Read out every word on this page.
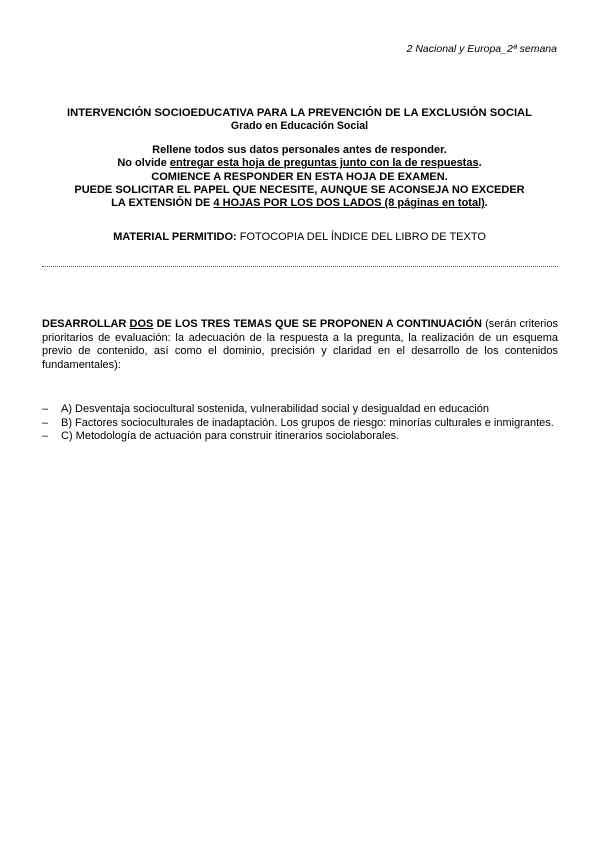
2 Nacional y Europa_2ª semana
INTERVENCIÓN SOCIOEDUCATIVA PARA LA PREVENCIÓN DE LA EXCLUSIÓN SOCIAL
Grado en Educación Social
Rellene todos sus datos personales antes de responder.
No olvide entregar esta hoja de preguntas junto con la de respuestas.
COMIENCE A RESPONDER EN ESTA HOJA DE EXAMEN.
PUEDE SOLICITAR EL PAPEL QUE NECESITE, AUNQUE SE ACONSEJA NO EXCEDER
LA EXTENSIÓN DE 4 HOJAS POR LOS DOS LADOS (8 páginas en total).
MATERIAL PERMITIDO: FOTOCOPIA DEL ÍNDICE DEL LIBRO DE TEXTO
DESARROLLAR DOS DE LOS TRES TEMAS QUE SE PROPONEN A CONTINUACIÓN (serán criterios prioritarios de evaluación: la adecuación de la respuesta a la pregunta, la realización de un esquema previo de contenido, así como el dominio, precisión y claridad en el desarrollo de los contenidos fundamentales):
– A) Desventaja sociocultural sostenida, vulnerabilidad social y desigualdad en educación
– B) Factores socioculturales de inadaptación. Los grupos de riesgo: minorías culturales e inmigrantes.
– C) Metodología de actuación para construir itinerarios sociolaborales.
